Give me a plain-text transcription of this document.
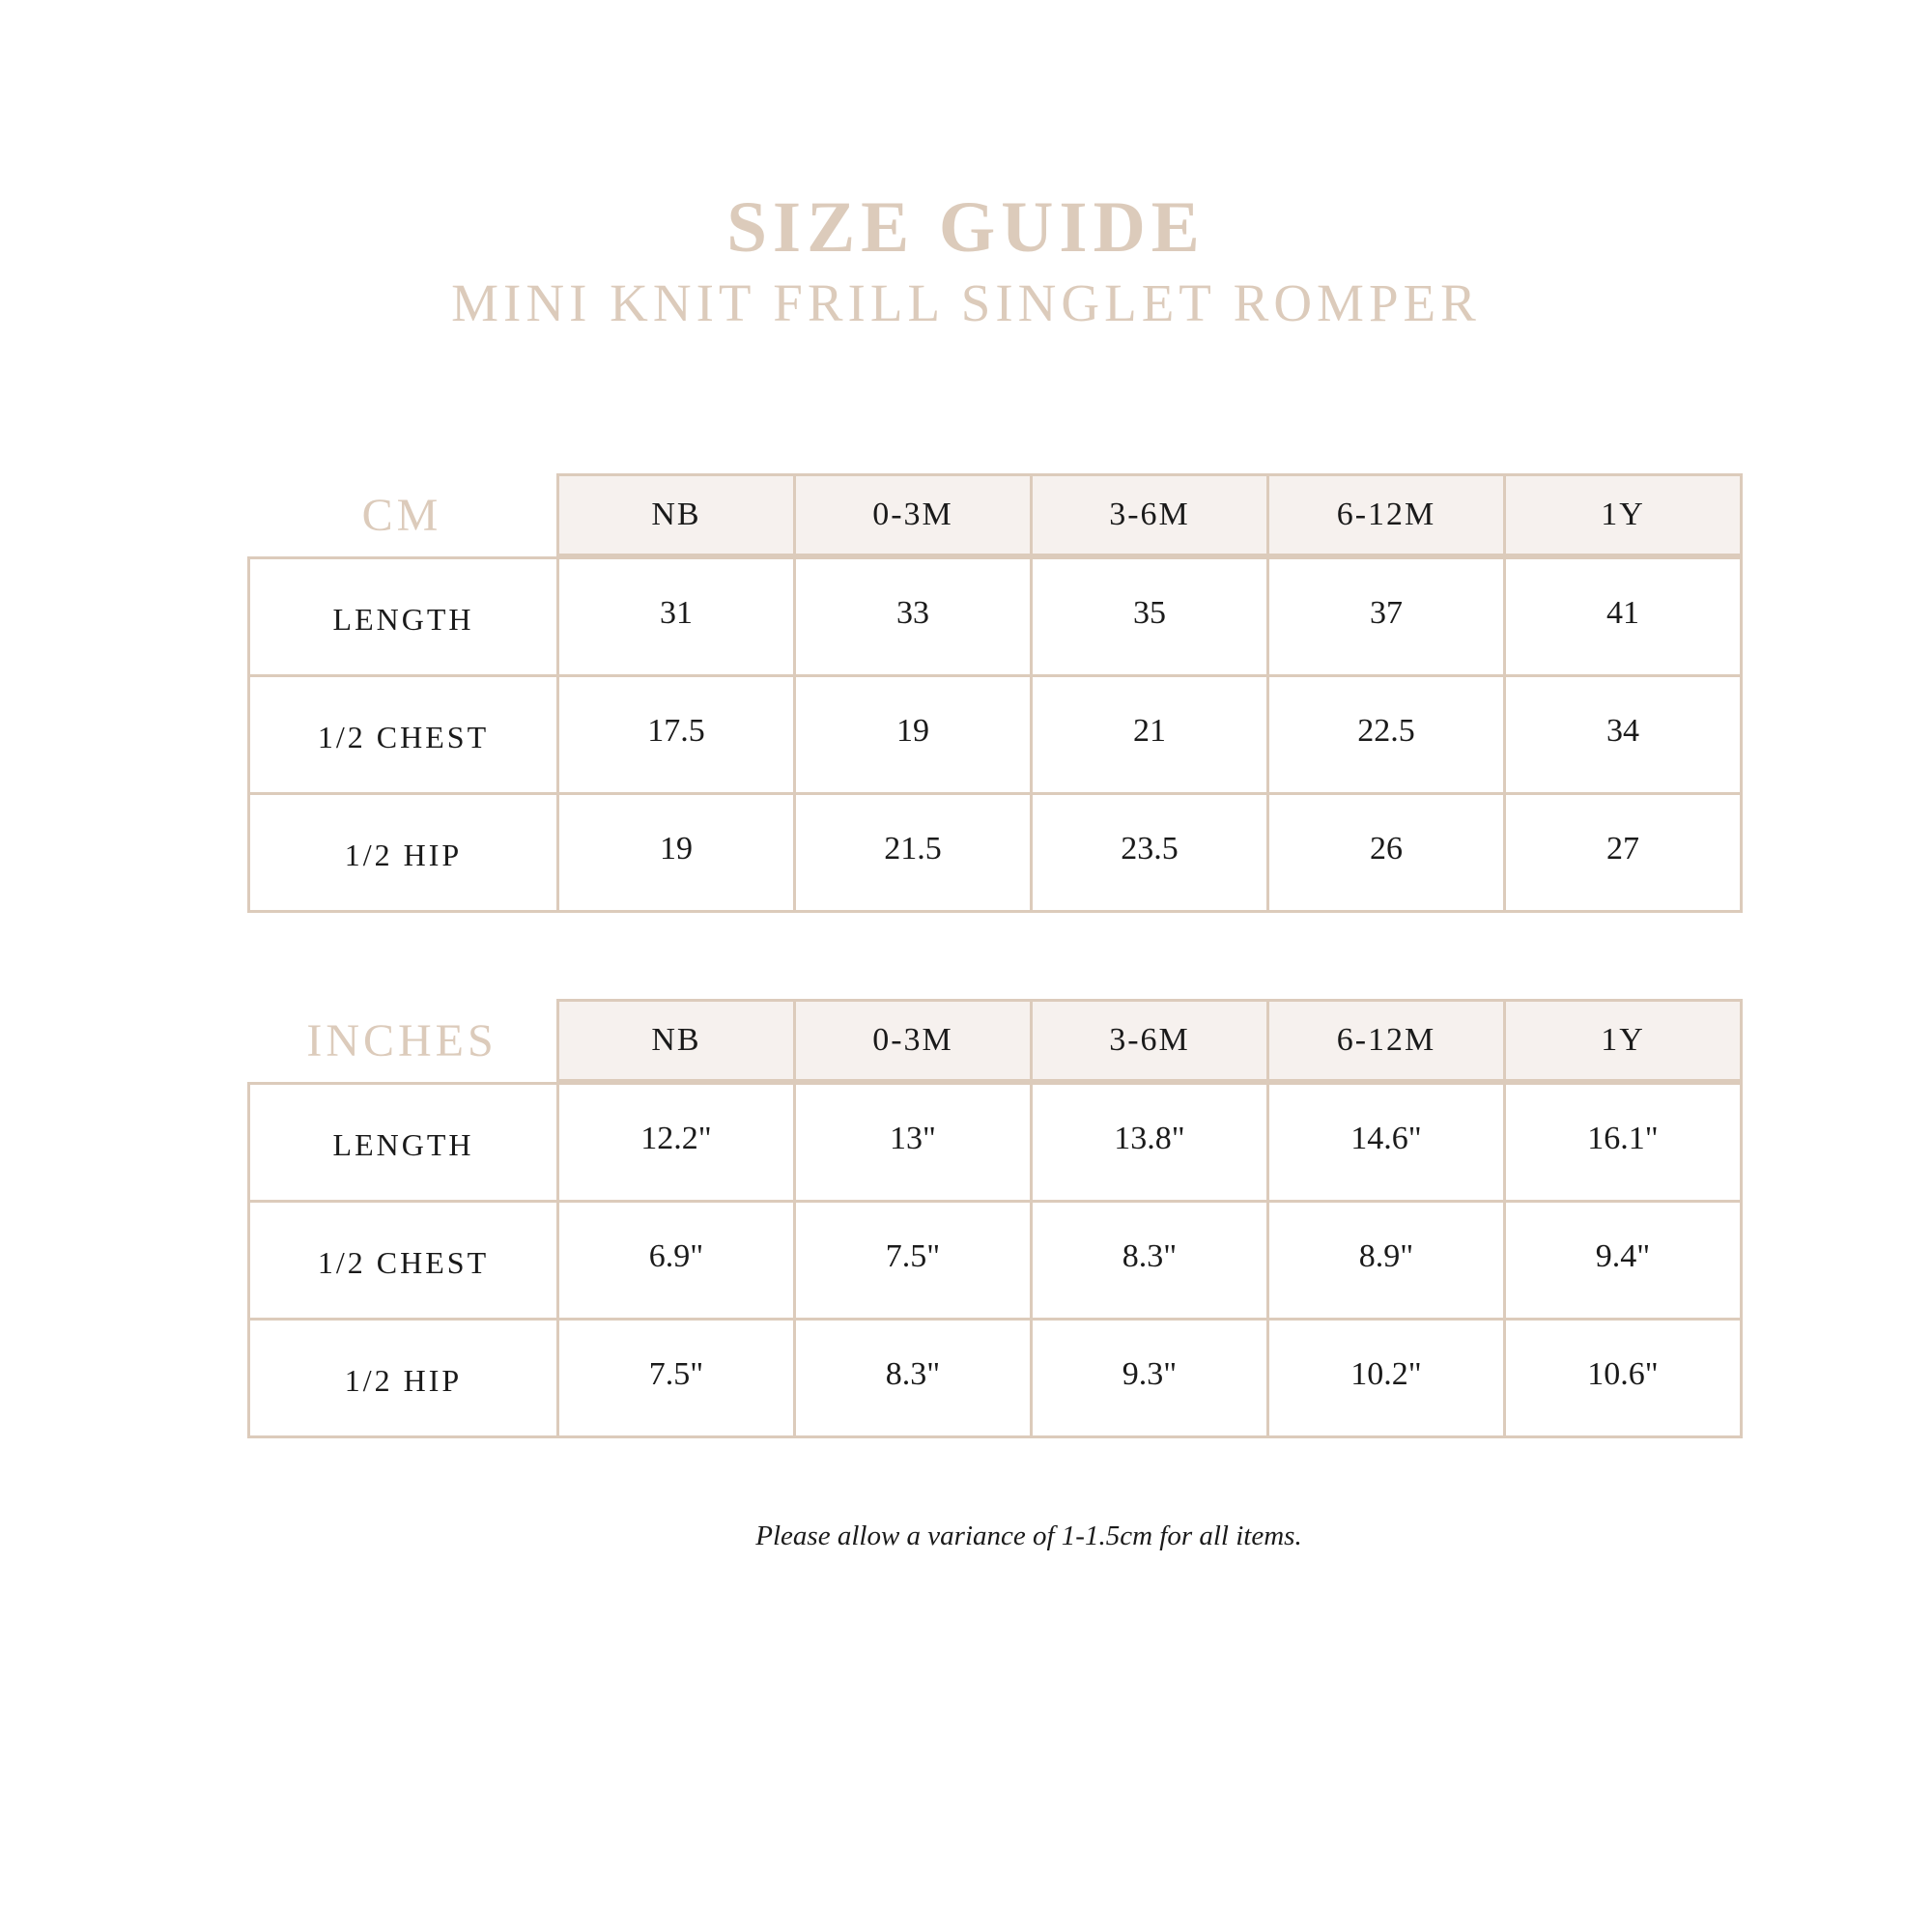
SIZE GUIDE
MINI KNIT FRILL SINGLET ROMPER
CM	NB	0-3M	3-6M	6-12M	1Y
LENGTH	31	33	35	37	41
1/2 CHEST	17.5	19	21	22.5	34
1/2 HIP	19	21.5	23.5	26	27
INCHES	NB	0-3M	3-6M	6-12M	1Y
LENGTH	12.2"	13"	13.8"	14.6"	16.1"
1/2 CHEST	6.9"	7.5"	8.3"	8.9"	9.4"
1/2 HIP	7.5"	8.3"	9.3"	10.2"	10.6"
Please allow a variance of 1-1.5cm for all items.
